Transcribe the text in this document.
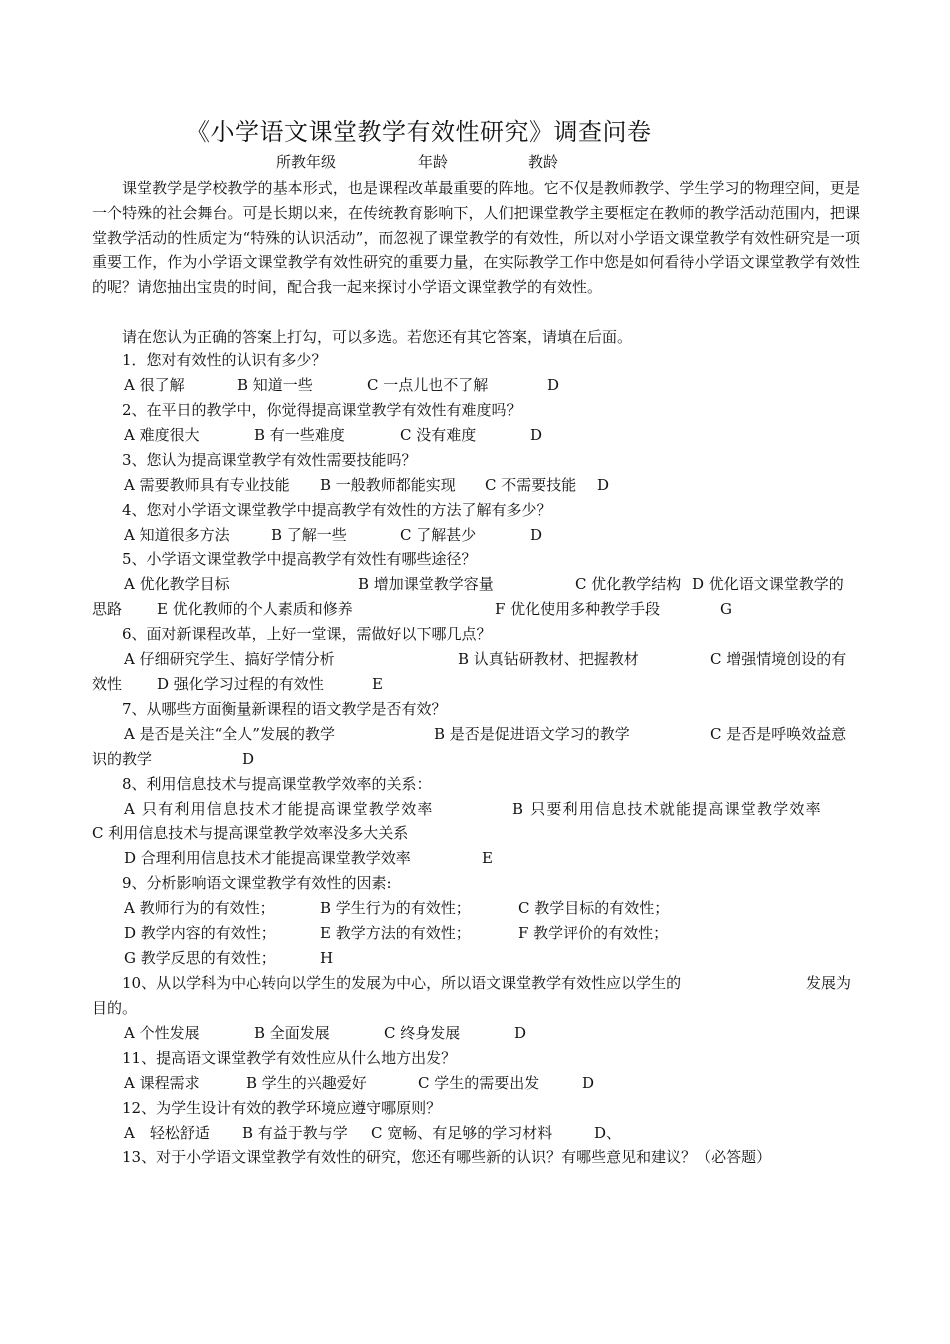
《小学语文课堂教学有效性研究》调查问卷
所教年级	年龄	教龄

课堂教学是学校教学的基本形式，也是课程改革最重要的阵地。它不仅是教师教学、学生学习的物理空间，更是一个特殊的社会舞台。可是长期以来，在传统教育影响下，人们把课堂教学主要框定在教师的教学活动范围内，把课堂教学活动的性质定为“特殊的认识活动”，而忽视了课堂教学的有效性，所以对小学语文课堂教学有效性研究是一项重要工作，作为小学语文课堂教学有效性研究的重要力量，在实际教学工作中您是如何看待小学语文课堂教学有效性的呢？请您抽出宝贵的时间，配合我一起来探讨小学语文课堂教学的有效性。

请在您认为正确的答案上打勾，可以多选。若您还有其它答案，请填在后面。

1．您对有效性的认识有多少？

A 很了解	B 知道一些	C 一点儿也不了解	D

2、在平日的教学中，你觉得提高课堂教学有效性有难度吗？

A 难度很大	B 有一些难度	C 没有难度	D

3、您认为提高课堂教学有效性需要技能吗？

A 需要教师具有专业技能 B 一般教师都能实现 C 不需要技能 D

4、您对小学语文课堂教学中提高教学有效性的方法了解有多少？

A 知道很多方法	B 了解一些	C 了解甚少	D

5、小学语文课堂教学中提高教学有效性有哪些途径？

A 优化教学目标	B 增加课堂教学容量	C 优化教学结构 D 优化语文课堂教学的
思路 E 优化教师的个人素质和修养	F 优化使用多种教学手段	G

6、面对新课程改革，上好一堂课，需做好以下哪几点？

A 仔细研究学生、搞好学情分析	B 认真钻研教材、把握教材	C 增强情境创设的有
效性 D 强化学习过程的有效性	E

7、从哪些方面衡量新课程的语文教学是否有效？

A 是否是关注“全人”发展的教学	B 是否是促进语文学习的教学	C 是否是呼唤效益意
识的教学	D

8、利用信息技术与提高课堂教学效率的关系：

A 只有利用信息技术才能提高课堂教学效率	B 只要利用信息技术就能提高课堂教学效率
C 利用信息技术与提高课堂教学效率没多大关系
D 合理利用信息技术才能提高课堂教学效率	E

9、分析影响语文课堂教学有效性的因素:

A 教师行为的有效性；	B 学生行为的有效性；	C 教学目标的有效性；
D 教学内容的有效性；	E 教学方法的有效性；	F 教学评价的有效性；
G 教学反思的有效性；	H

10、从以学科为中心转向以学生的发展为中心，所以语文课堂教学有效性应以学生的	发展为
目的。
A 个性发展	B 全面发展	C 终身发展	D

11、提高语文课堂教学有效性应从什么地方出发？

A 课程需求	B 学生的兴趣爱好	C 学生的需要出发	D

12、为学生设计有效的教学环境应遵守哪原则？

A　轻松舒适 B 有益于教与学 C 宽畅、有足够的学习材料	D、

13、对于小学语文课堂教学有效性的研究，您还有哪些新的认识？有哪些意见和建议？（必答题）
